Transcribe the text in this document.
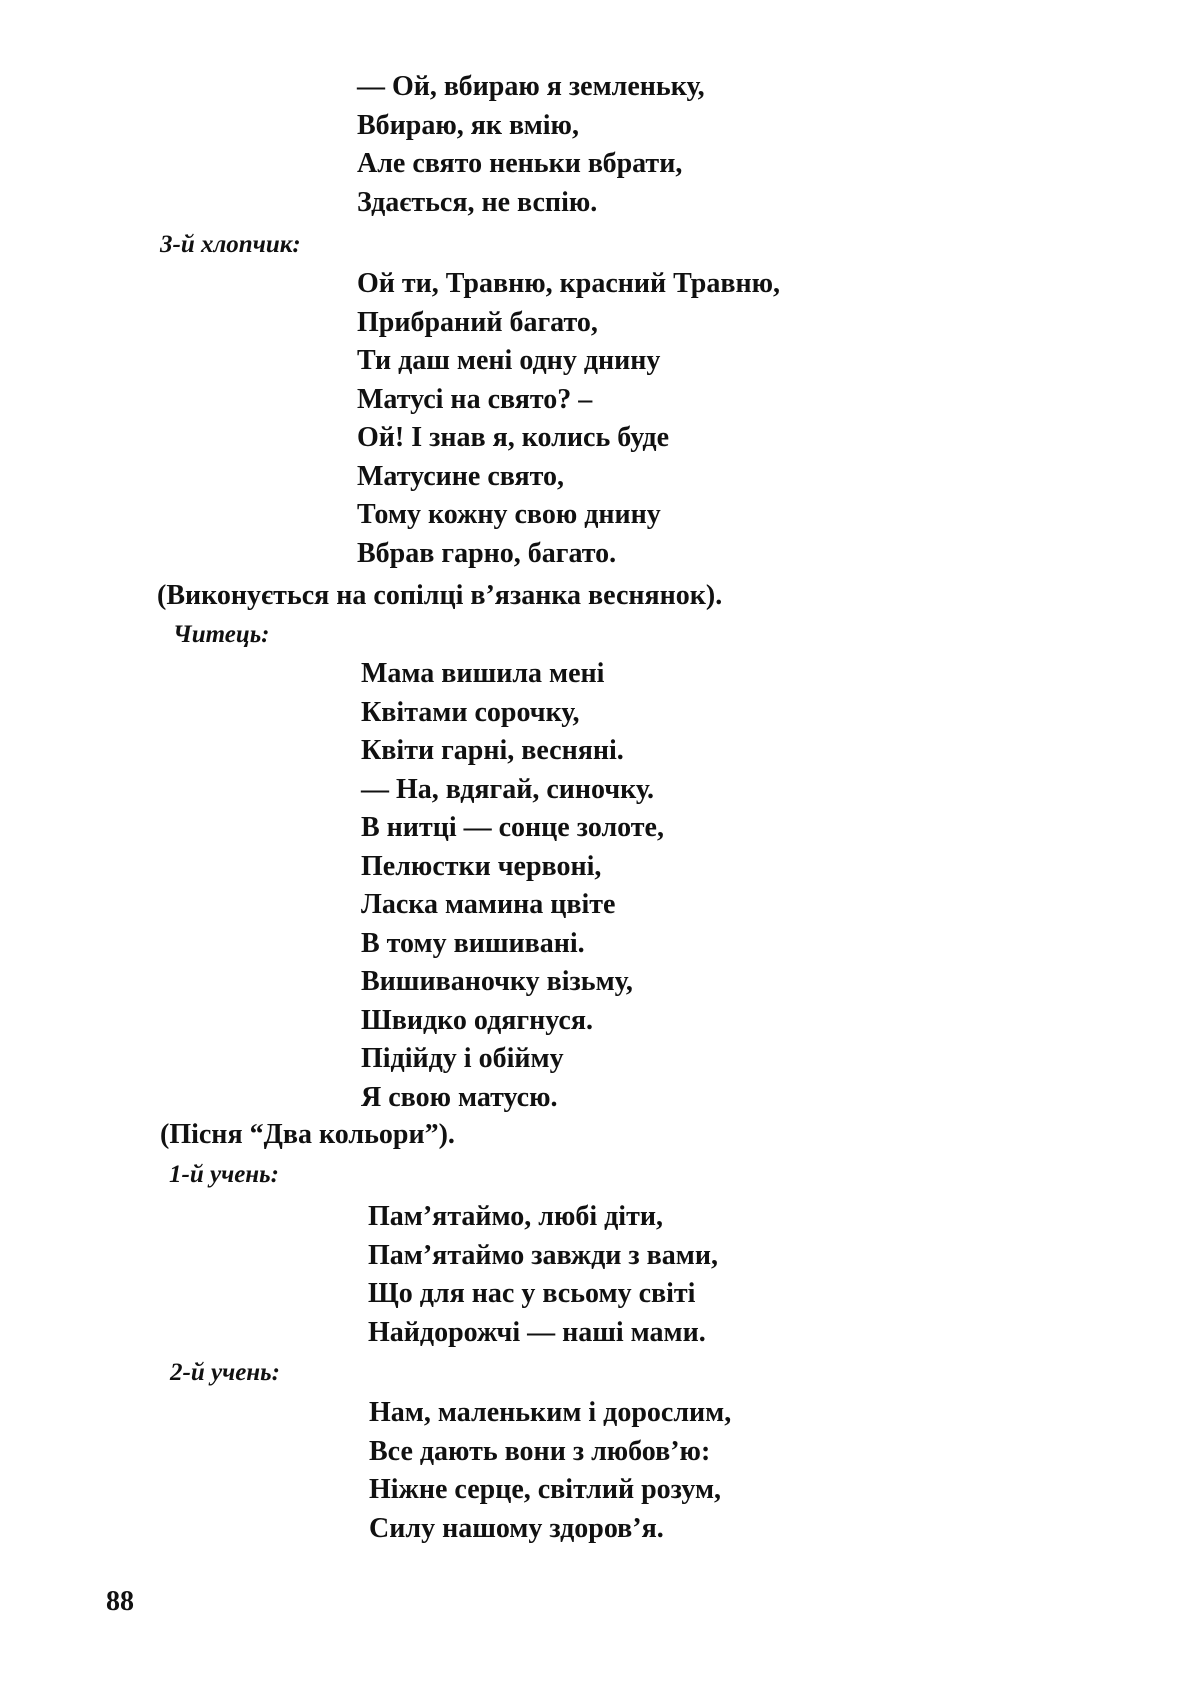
— Ой, вбираю я земленьку,
Вбираю, як вмію,
Але свято неньки вбрати,
Здається, не вспію.
3-й хлопчик:
Ой ти, Травню, красний Травню,
Прибраний багато,
Ти даш мені одну днину
Матусі на свято? –
Ой! І знав я, колись буде
Матусине свято,
Тому кожну свою днину
Вбрав гарно, багато.
(Виконується на сопілці в’язанка веснянок).
Читець:
Мама вишила мені
Квітами сорочку,
Квіти гарні, весняні.
— На, вдягай, синочку.
В нитці — сонце золоте,
Пелюстки червоні,
Ласка мамина цвіте
В тому вишивані.
Вишиваночку візьму,
Швидко одягнуся.
Підійду і обійму
Я свою матусю.
(Пісня “Два кольори”).
1-й учень:
Пам’ятаймо, любі діти,
Пам’ятаймо завжди з вами,
Що для нас у всьому світі
Найдорожчі — наші мами.
2-й учень:
Нам, маленьким і дорослим,
Все дають вони з любов’ю:
Ніжне серце, світлий розум,
Силу нашому здоров’я.
88
